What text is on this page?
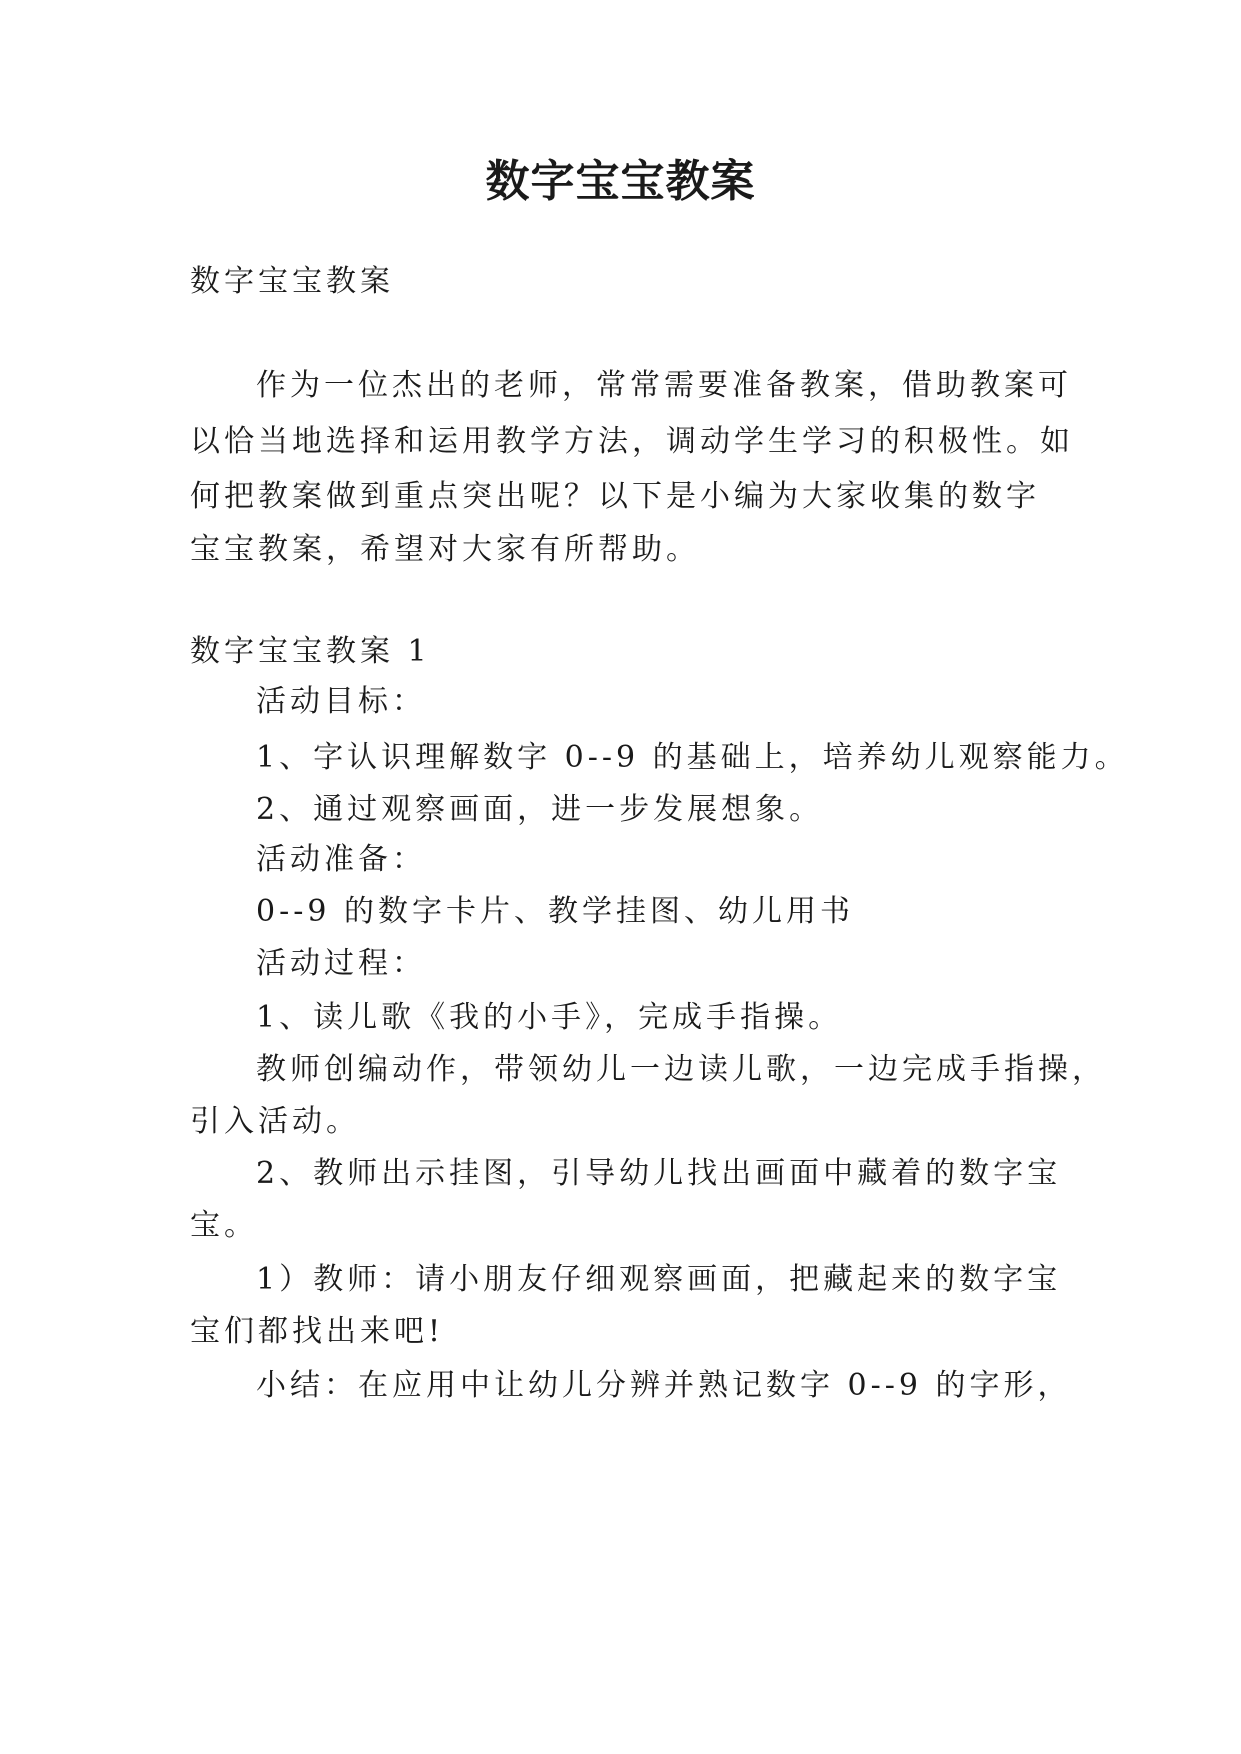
数字宝宝教案
数字宝宝教案
作为一位杰出的老师，常常需要准备教案，借助教案可
以恰当地选择和运用教学方法，调动学生学习的积极性。如
何把教案做到重点突出呢？以下是小编为大家收集的数字
宝宝教案，希望对大家有所帮助。
数字宝宝教案 1
活动目标：
1、字认识理解数字 0--9 的基础上，培养幼儿观察能力。
2、通过观察画面，进一步发展想象。
活动准备：
0--9 的数字卡片、教学挂图、幼儿用书
活动过程：
1、读儿歌《我的小手》，完成手指操。
教师创编动作，带领幼儿一边读儿歌，一边完成手指操，
引入活动。
2、教师出示挂图，引导幼儿找出画面中藏着的数字宝
宝。
1）教师：请小朋友仔细观察画面，把藏起来的数字宝
宝们都找出来吧!
小结：在应用中让幼儿分辨并熟记数字 0--9 的字形，
